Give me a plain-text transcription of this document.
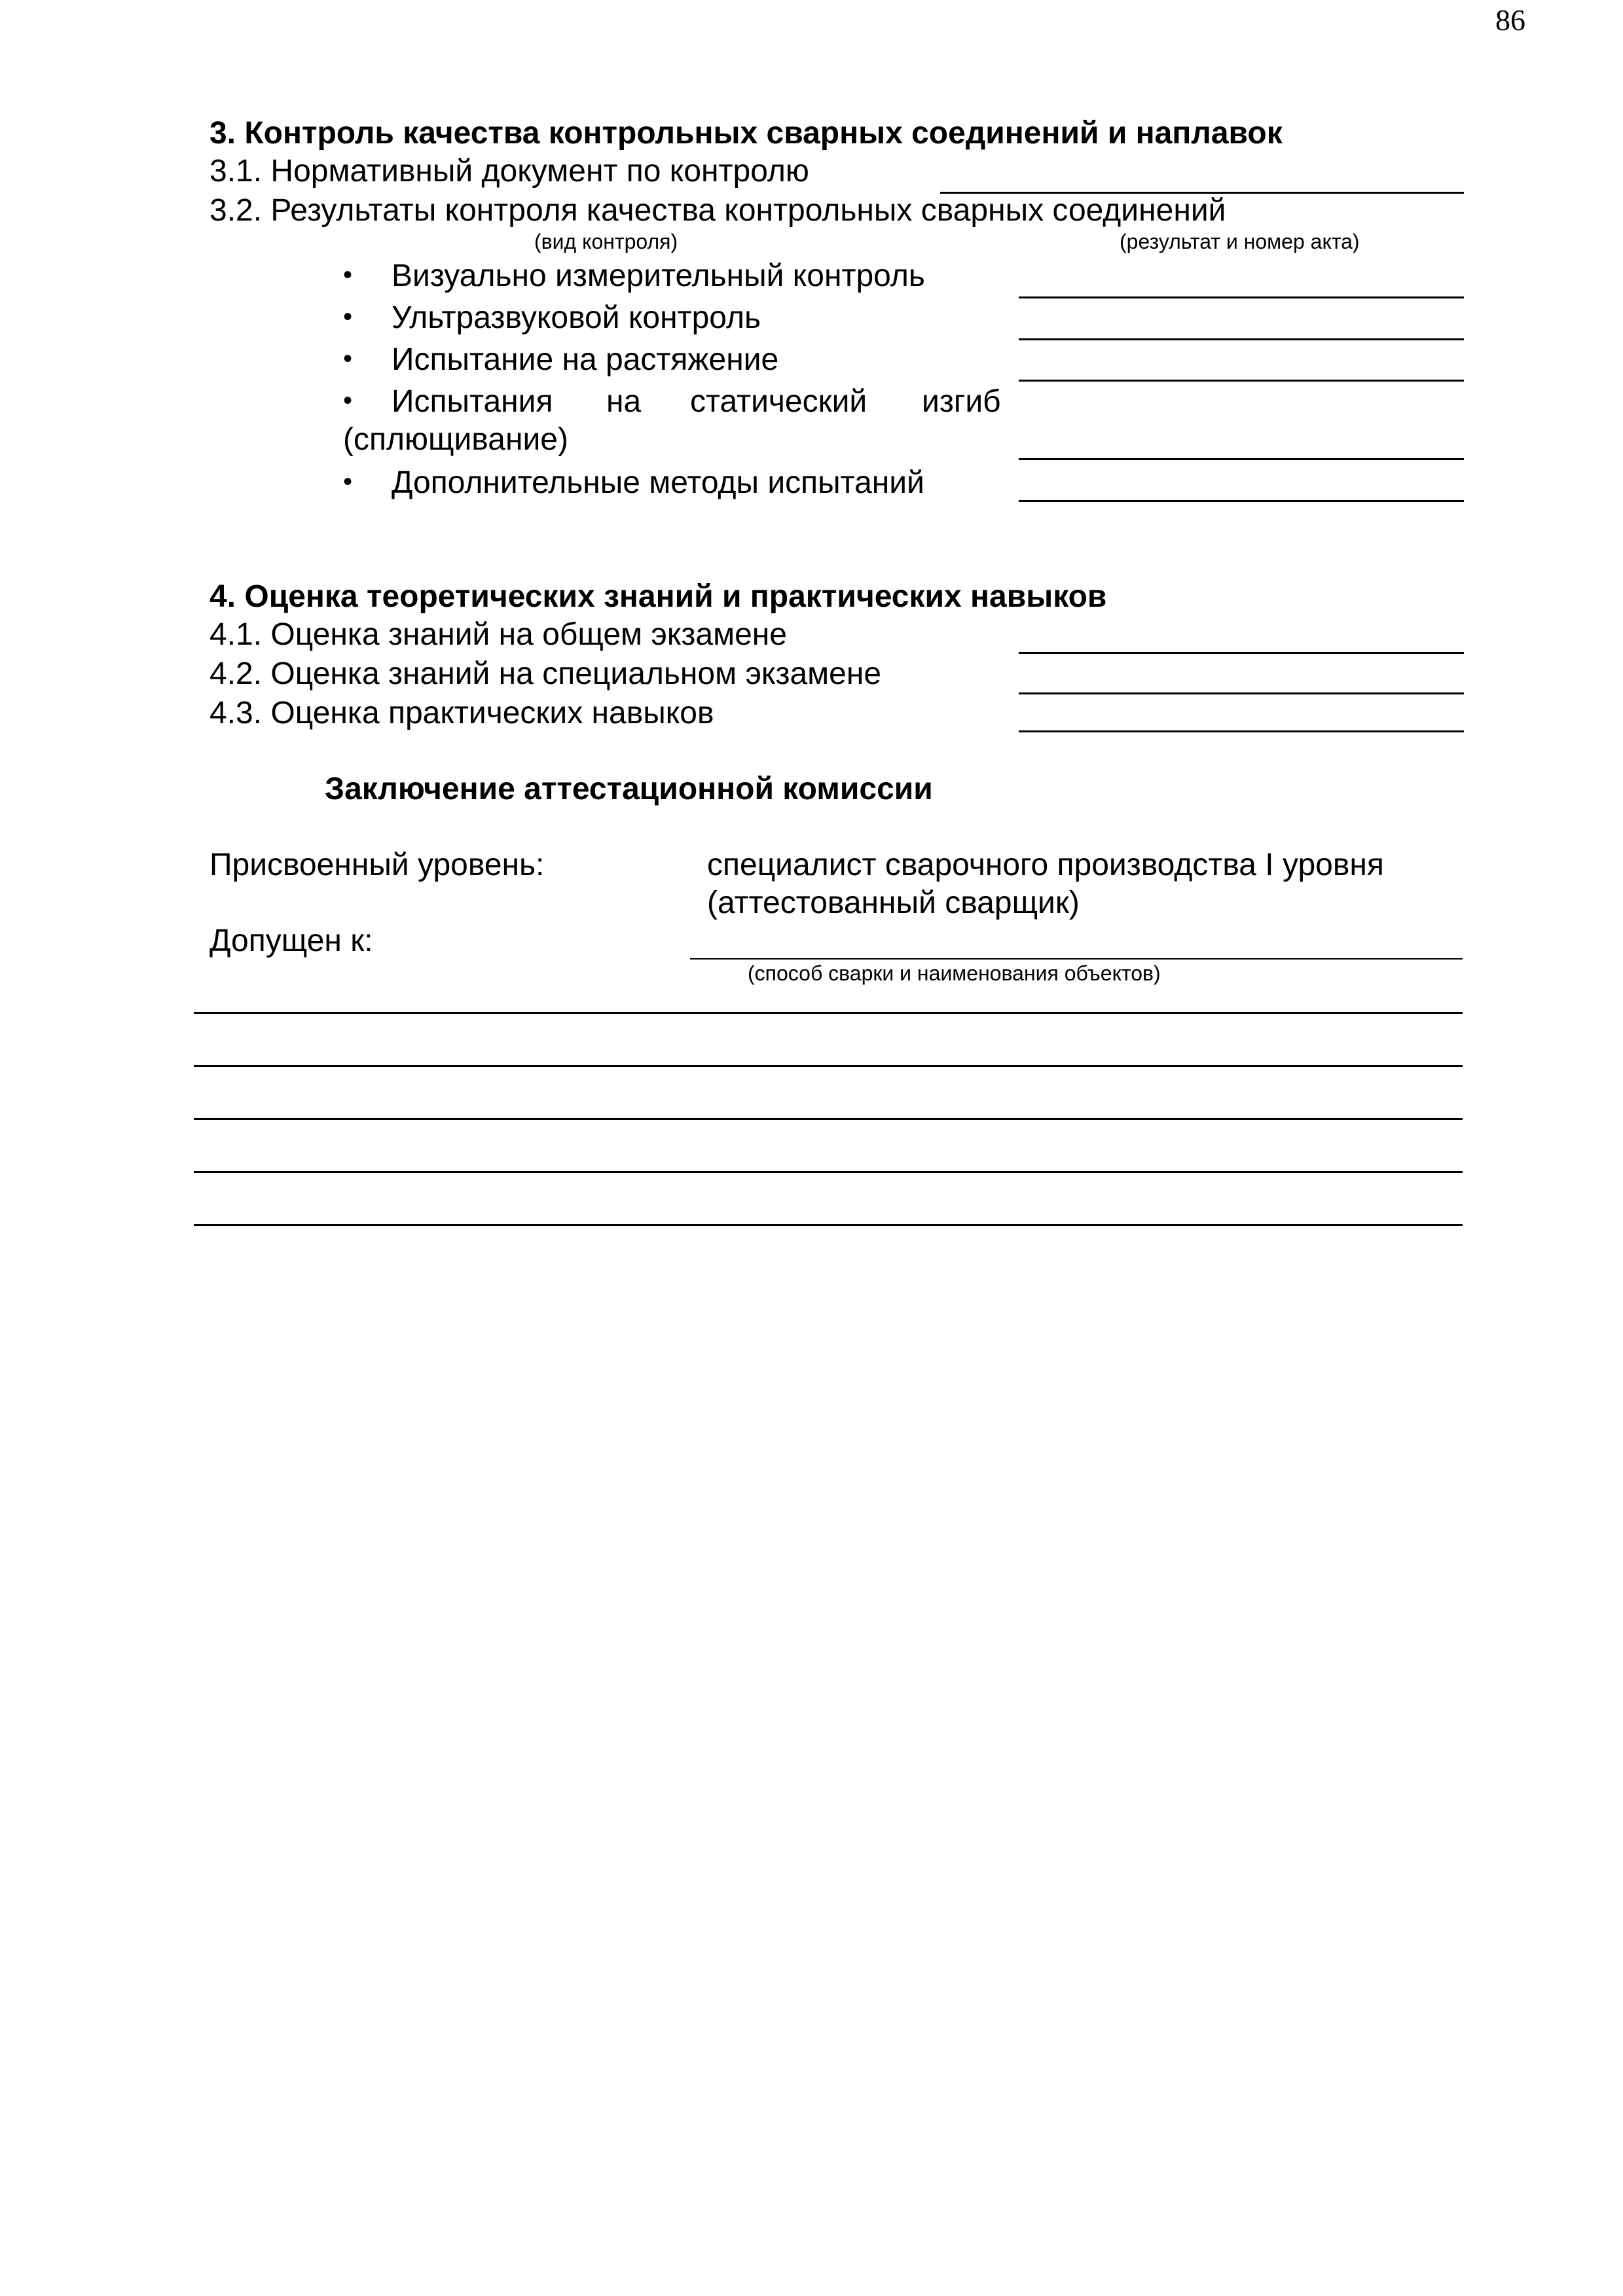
86
3. Контроль качества контрольных сварных соединений и наплавок
3.1. Нормативный документ по контролю
3.2. Результаты контроля качества контрольных сварных соединений
(вид контроля)	(результат и номер акта)
• Визуально измерительный контроль
• Ультразвуковой контроль
• Испытание на растяжение
• Испытания на статический изгиб
(сплющивание)
• Дополнительные методы испытаний
4. Оценка теоретических знаний и практических навыков
4.1. Оценка знаний на общем экзамене
4.2. Оценка знаний на специальном экзамене
4.3. Оценка практических навыков
Заключение аттестационной комиссии
Присвоенный уровень:	специалист сварочного производства I уровня
(аттестованный сварщик)
Допущен к:
(способ сварки и наименования объектов)
